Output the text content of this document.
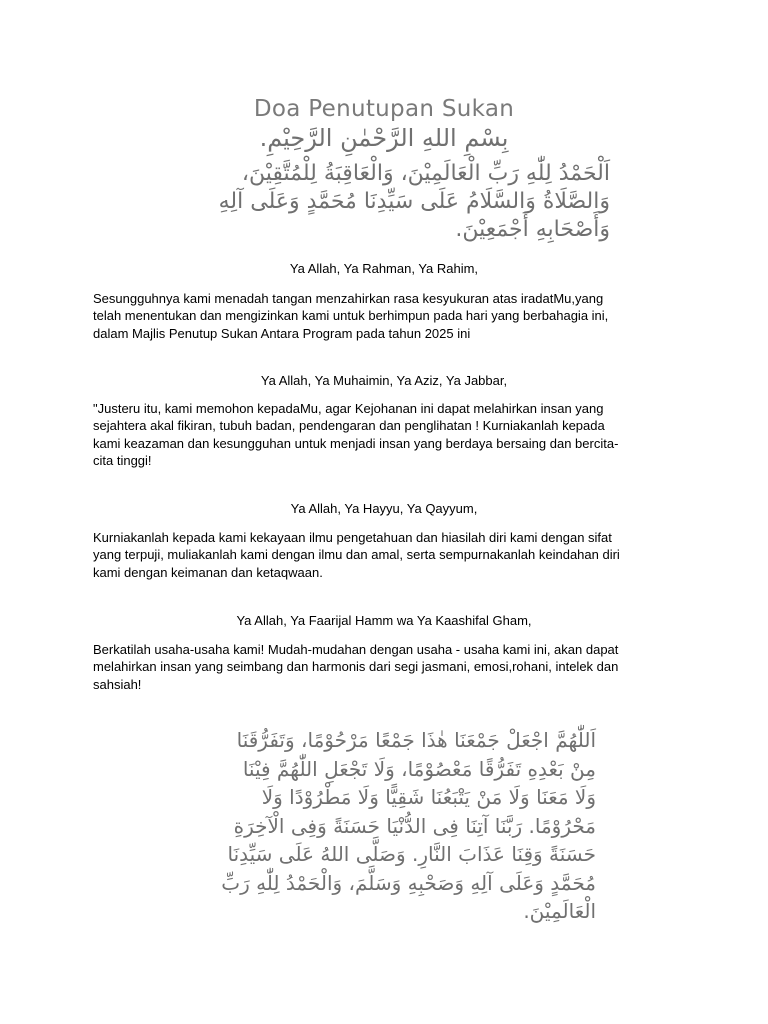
Doa Penutupan Sukan
بِسْمِ اللهِ الرَّحْمٰنِ الرَّحِيْمِ.
اَلْحَمْدُ لِلّٰهِ رَبِّ الْعَالَمِيْنَ، وَالْعَاقِبَةُ لِلْمُتَّقِيْنَ،
وَالصَّلَاةُ وَالسَّلَامُ عَلَى سَيِّدِنَا مُحَمَّدٍ وَعَلَى آلِهِ
وَأَصْحَابِهِ أَجْمَعِيْنَ.
Ya Allah, Ya Rahman, Ya Rahim,
Sesungguhnya kami menadah tangan menzahirkan rasa kesyukuran atas iradatMu,yang
telah menentukan dan mengizinkan kami untuk berhimpun pada hari yang berbahagia ini,
dalam Majlis Penutup Sukan Antara Program pada tahun 2025 ini
Ya Allah, Ya Muhaimin, Ya Aziz, Ya Jabbar,
"Justeru itu, kami memohon kepadaMu, agar Kejohanan ini dapat melahirkan insan yang
sejahtera akal fikiran, tubuh badan, pendengaran dan penglihatan ! Kurniakanlah kepada
kami keazaman dan kesungguhan untuk menjadi insan yang berdaya bersaing dan bercita-
cita tinggi!
Ya Allah, Ya Hayyu, Ya Qayyum,
Kurniakanlah kepada kami kekayaan ilmu pengetahuan dan hiasilah diri kami dengan sifat
yang terpuji, muliakanlah kami dengan ilmu dan amal, serta sempurnakanlah keindahan diri
kami dengan keimanan dan ketaqwaan.
Ya Allah, Ya Faarijal Hamm wa Ya Kaashifal Gham,
Berkatilah usaha-usaha kami! Mudah-mudahan dengan usaha - usaha kami ini, akan dapat
melahirkan insan yang seimbang dan harmonis dari segi jasmani, emosi,rohani, intelek dan
sahsiah!
اَللّٰهُمَّ اجْعَلْ جَمْعَنَا هٰذَا جَمْعًا مَرْحُوْمًا، وَتَفَرُّقَنَا
مِنْ بَعْدِهِ تَفَرُّقًا مَعْصُوْمًا، وَلَا تَجْعَلِ اللّٰهُمَّ فِيْنَا
وَلَا مَعَنَا وَلَا مَنْ يَتْبَعُنَا شَقِيًّا وَلَا مَطْرُوْدًا وَلَا
مَحْرُوْمًا. رَبَّنَا آتِنَا فِى الدُّنْيَا حَسَنَةً وَفِى الْآخِرَةِ
حَسَنَةً وَقِنَا عَذَابَ النَّارِ. وَصَلَّى اللهُ عَلَى سَيِّدِنَا
مُحَمَّدٍ وَعَلَى آلِهِ وَصَحْبِهِ وَسَلَّمَ، وَالْحَمْدُ لِلّٰهِ رَبِّ
الْعَالَمِيْنَ.
